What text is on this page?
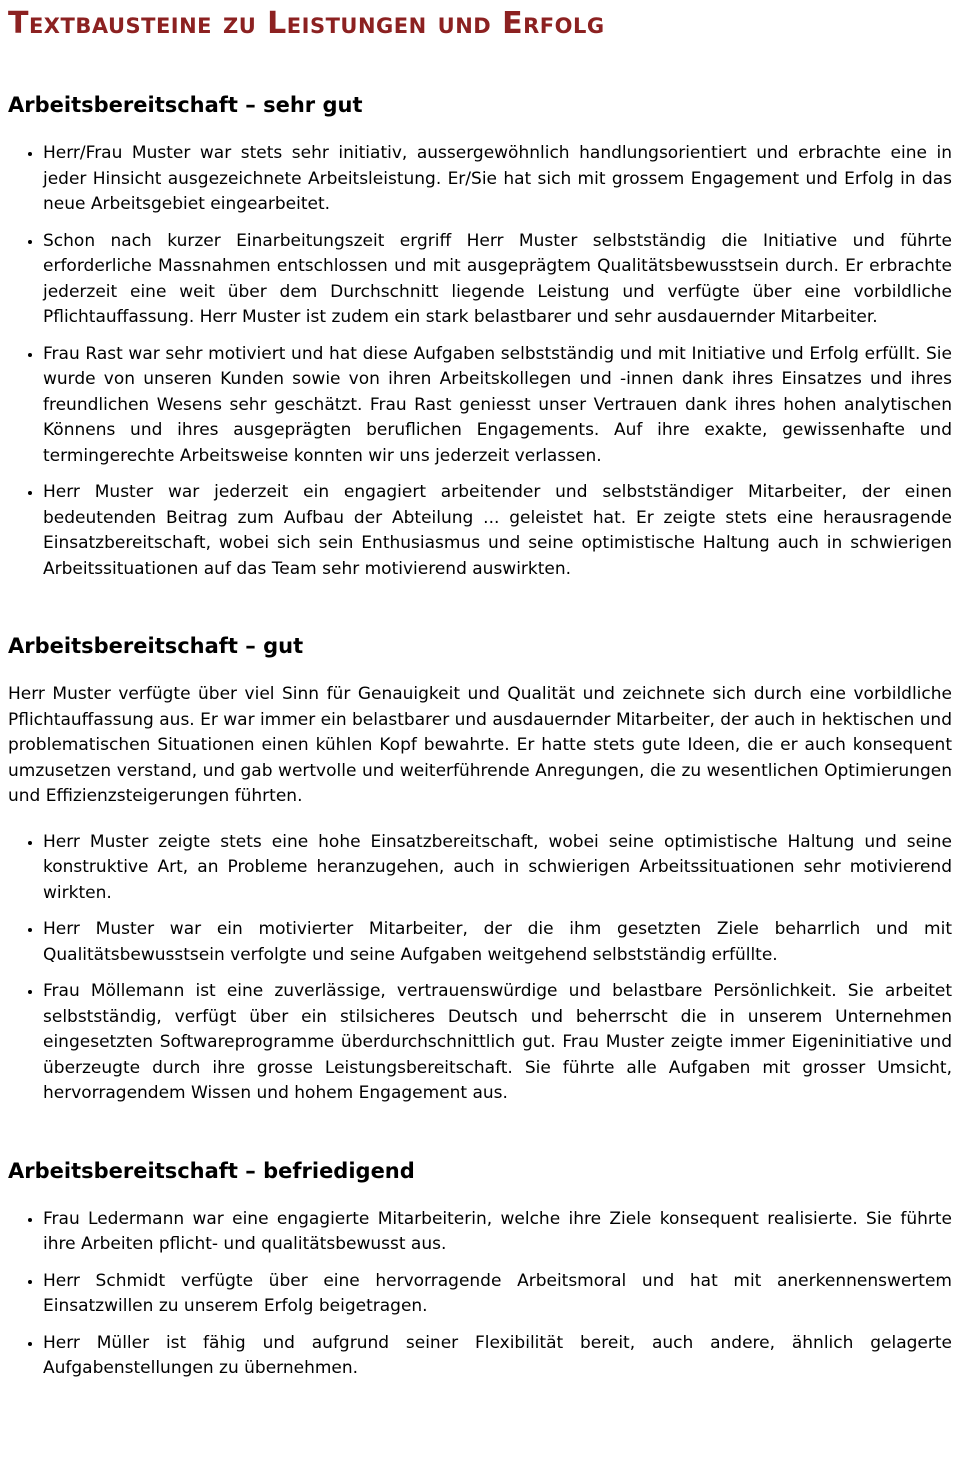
Textbausteine zu Leistungen und Erfolg
Arbeitsbereitschaft – sehr gut
• Herr/Frau Muster war stets sehr initiativ, aussergewöhnlich handlungsorientiert und erbrachte eine in jeder Hinsicht ausgezeichnete Arbeitsleistung. Er/Sie hat sich mit grossem Engagement und Erfolg in das neue Arbeitsgebiet eingearbeitet.
• Schon nach kurzer Einarbeitungszeit ergriff Herr Muster selbstständig die Initiative und führte erforderliche Massnahmen entschlossen und mit ausgeprägtem Qualitätsbewusstsein durch. Er erbrachte jederzeit eine weit über dem Durchschnitt liegende Leistung und verfügte über eine vorbildliche Pflichtauffassung. Herr Muster ist zudem ein stark belastbarer und sehr ausdauernder Mitarbeiter.
• Frau Rast war sehr motiviert und hat diese Aufgaben selbstständig und mit Initiative und Erfolg erfüllt. Sie wurde von unseren Kunden sowie von ihren Arbeitskollegen und -innen dank ihres Einsatzes und ihres freundlichen Wesens sehr geschätzt. Frau Rast geniesst unser Vertrauen dank ihres hohen analytischen Könnens und ihres ausgeprägten beruflichen Engagements. Auf ihre exakte, gewissenhafte und termingerechte Arbeitsweise konnten wir uns jederzeit verlassen.
• Herr Muster war jederzeit ein engagiert arbeitender und selbstständiger Mitarbeiter, der einen bedeutenden Beitrag zum Aufbau der Abteilung ... geleistet hat. Er zeigte stets eine herausragende Einsatzbereitschaft, wobei sich sein Enthusiasmus und seine optimistische Haltung auch in schwierigen Arbeitssituationen auf das Team sehr motivierend auswirkten.
Arbeitsbereitschaft – gut

Herr Muster verfügte über viel Sinn für Genauigkeit und Qualität und zeichnete sich durch eine vorbildliche Pflichtauffassung aus. Er war immer ein belastbarer und ausdauernder Mitarbeiter, der auch in hektischen und problematischen Situationen einen kühlen Kopf bewahrte. Er hatte stets gute Ideen, die er auch konsequent umzusetzen verstand, und gab wertvolle und weiterführende Anregungen, die zu wesentlichen Optimierungen und Effizienzsteigerungen führten.

• Herr Muster zeigte stets eine hohe Einsatzbereitschaft, wobei seine optimistische Haltung und seine konstruktive Art, an Probleme heranzugehen, auch in schwierigen Arbeitssituationen sehr motivierend wirkten.
• Herr Muster war ein motivierter Mitarbeiter, der die ihm gesetzten Ziele beharrlich und mit Qualitätsbewusstsein verfolgte und seine Aufgaben weitgehend selbstständig erfüllte.
• Frau Möllemann ist eine zuverlässige, vertrauenswürdige und belastbare Persönlichkeit. Sie arbeitet selbstständig, verfügt über ein stilsicheres Deutsch und beherrscht die in unserem Unternehmen eingesetzten Softwareprogramme überdurchschnittlich gut. Frau Muster zeigte immer Eigeninitiative und überzeugte durch ihre grosse Leistungsbereitschaft. Sie führte alle Aufgaben mit grosser Umsicht, hervorragendem Wissen und hohem Engagement aus.
Arbeitsbereitschaft – befriedigend
• Frau Ledermann war eine engagierte Mitarbeiterin, welche ihre Ziele konsequent realisierte. Sie führte ihre Arbeiten pflicht- und qualitätsbewusst aus.
• Herr Schmidt verfügte über eine hervorragende Arbeitsmoral und hat mit anerkennenswertem Einsatzwillen zu unserem Erfolg beigetragen.
• Herr Müller ist fähig und aufgrund seiner Flexibilität bereit, auch andere, ähnlich gelagerte Aufgabenstellungen zu übernehmen.
